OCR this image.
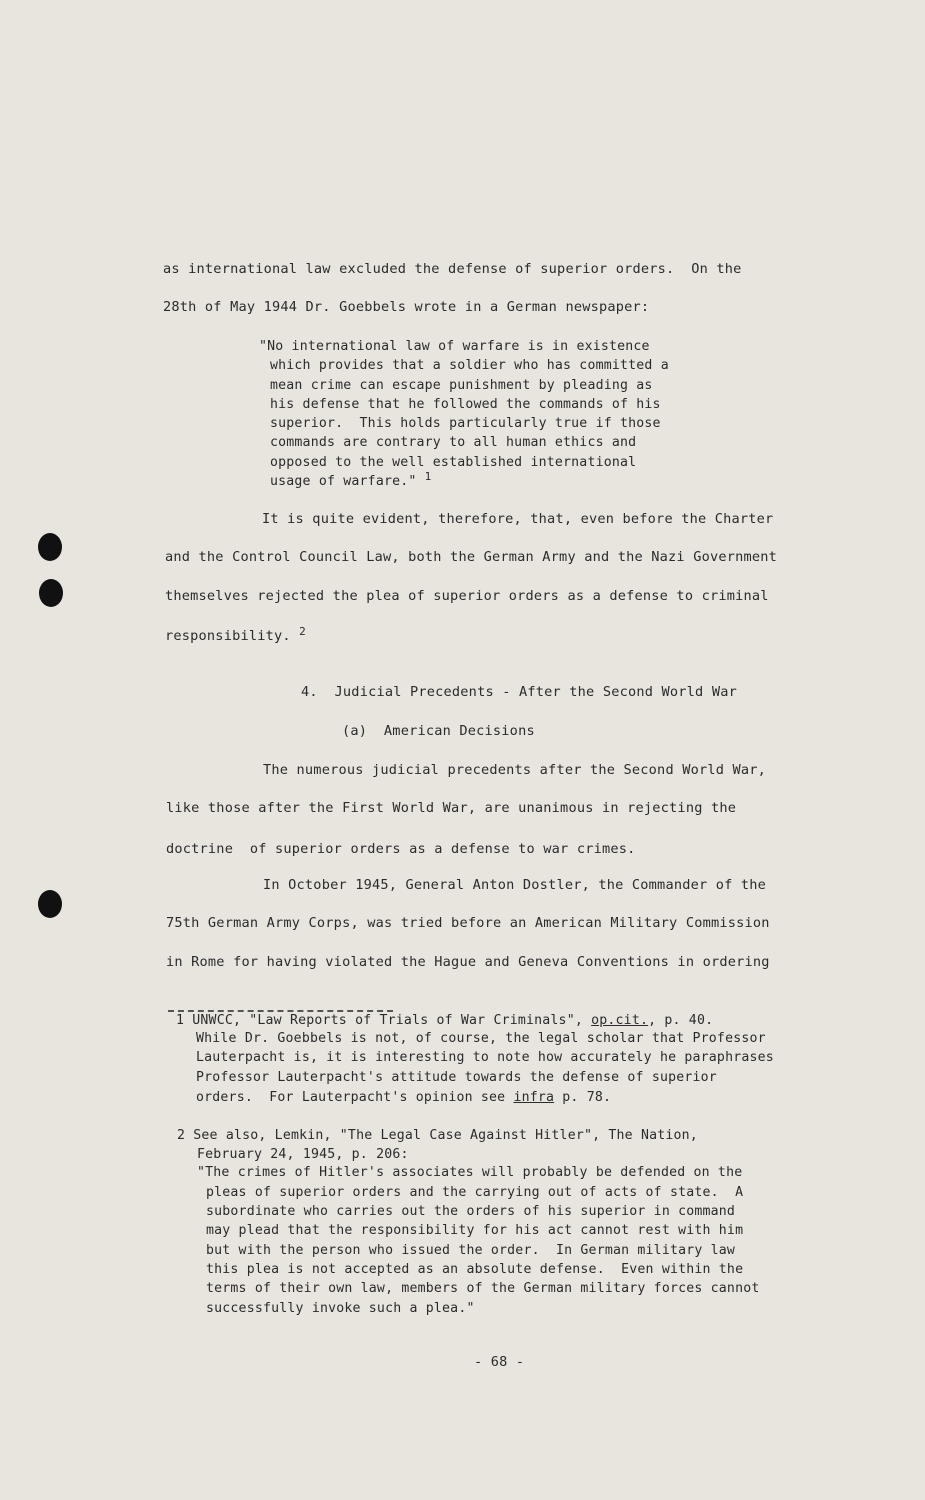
as international law excluded the defense of superior orders.  On the
28th of May 1944 Dr. Goebbels wrote in a German newspaper:
"No international law of warfare is in existence
which provides that a soldier who has committed a
mean crime can escape punishment by pleading as
his defense that he followed the commands of his
superior.  This holds particularly true if those
commands are contrary to all human ethics and
opposed to the well established international
usage of warfare." $^1$
It is quite evident, therefore, that, even before the Charter
and the Control Council Law, both the German Army and the Nazi Government
themselves rejected the plea of superior orders as a defense to criminal
responsibility. $^2$
4.  Judicial Precedents - After the Second World War
(a)  American Decisions
The numerous judicial precedents after the Second World War,
like those after the First World War, are unanimous in rejecting the
doctrine  of superior orders as a defense to war crimes.
In October 1945, General Anton Dostler, the Commander of the
75th German Army Corps, was tried before an American Military Commission
in Rome for having violated the Hague and Geneva Conventions in ordering
1 UNWCC, "Law Reports of Trials of War Criminals", op.cit., p. 40.
While Dr. Goebbels is not, of course, the legal scholar that Professor
Lauterpacht is, it is interesting to note how accurately he paraphrases
Professor Lauterpacht's attitude towards the defense of superior
orders.  For Lauterpacht's opinion see infra p. 78.
2 See also, Lemkin, "The Legal Case Against Hitler", The Nation,
February 24, 1945, p. 206:
"The crimes of Hitler's associates will probably be defended on the
pleas of superior orders and the carrying out of acts of state.  A
subordinate who carries out the orders of his superior in command
may plead that the responsibility for his act cannot rest with him
but with the person who issued the order.  In German military law
this plea is not accepted as an absolute defense.  Even within the
terms of their own law, members of the German military forces cannot
successfully invoke such a plea."
- 68 -
